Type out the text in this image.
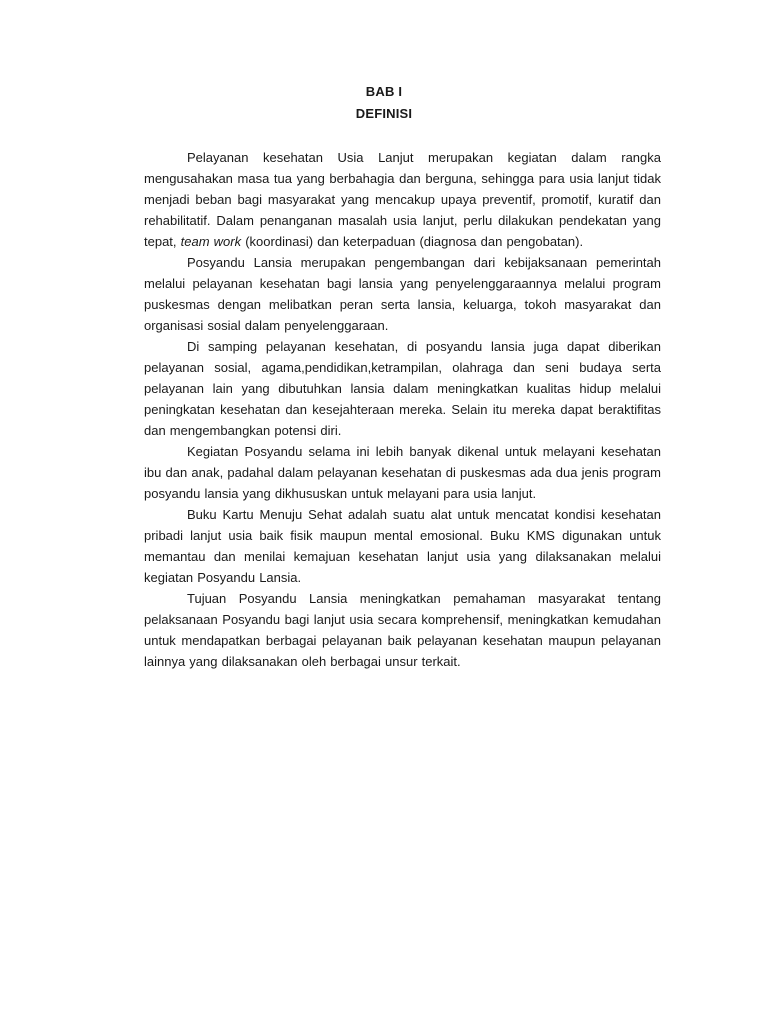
BAB I
DEFINISI

Pelayanan kesehatan Usia Lanjut merupakan kegiatan dalam rangka mengusahakan masa tua yang berbahagia dan berguna, sehingga para usia lanjut tidak menjadi beban bagi masyarakat yang mencakup upaya preventif, promotif, kuratif dan rehabilitatif. Dalam penanganan masalah usia lanjut, perlu dilakukan pendekatan yang tepat, team work (koordinasi) dan keterpaduan (diagnosa dan pengobatan).

Posyandu Lansia merupakan pengembangan dari kebijaksanaan pemerintah melalui pelayanan kesehatan bagi lansia yang penyelenggaraannya melalui program puskesmas dengan melibatkan peran serta lansia, keluarga, tokoh masyarakat dan organisasi sosial dalam penyelenggaraan.

Di samping pelayanan kesehatan, di posyandu lansia juga dapat diberikan pelayanan sosial, agama,pendidikan,ketrampilan, olahraga dan seni budaya serta pelayanan lain yang dibutuhkan lansia dalam meningkatkan kualitas hidup melalui peningkatan kesehatan dan kesejahteraan mereka. Selain itu mereka dapat beraktifitas dan mengembangkan potensi diri.

Kegiatan Posyandu selama ini lebih banyak dikenal untuk melayani kesehatan ibu dan anak, padahal dalam pelayanan kesehatan di puskesmas ada dua jenis program posyandu lansia yang dikhususkan untuk melayani para usia lanjut.

Buku Kartu Menuju Sehat adalah suatu alat untuk mencatat kondisi kesehatan pribadi lanjut usia baik fisik maupun mental emosional. Buku KMS digunakan untuk memantau dan menilai kemajuan kesehatan lanjut usia yang dilaksanakan melalui kegiatan Posyandu Lansia.

Tujuan Posyandu Lansia meningkatkan pemahaman masyarakat tentang pelaksanaan Posyandu bagi lanjut usia secara komprehensif, meningkatkan kemudahan untuk mendapatkan berbagai pelayanan baik pelayanan kesehatan maupun pelayanan lainnya yang dilaksanakan oleh berbagai unsur terkait.
